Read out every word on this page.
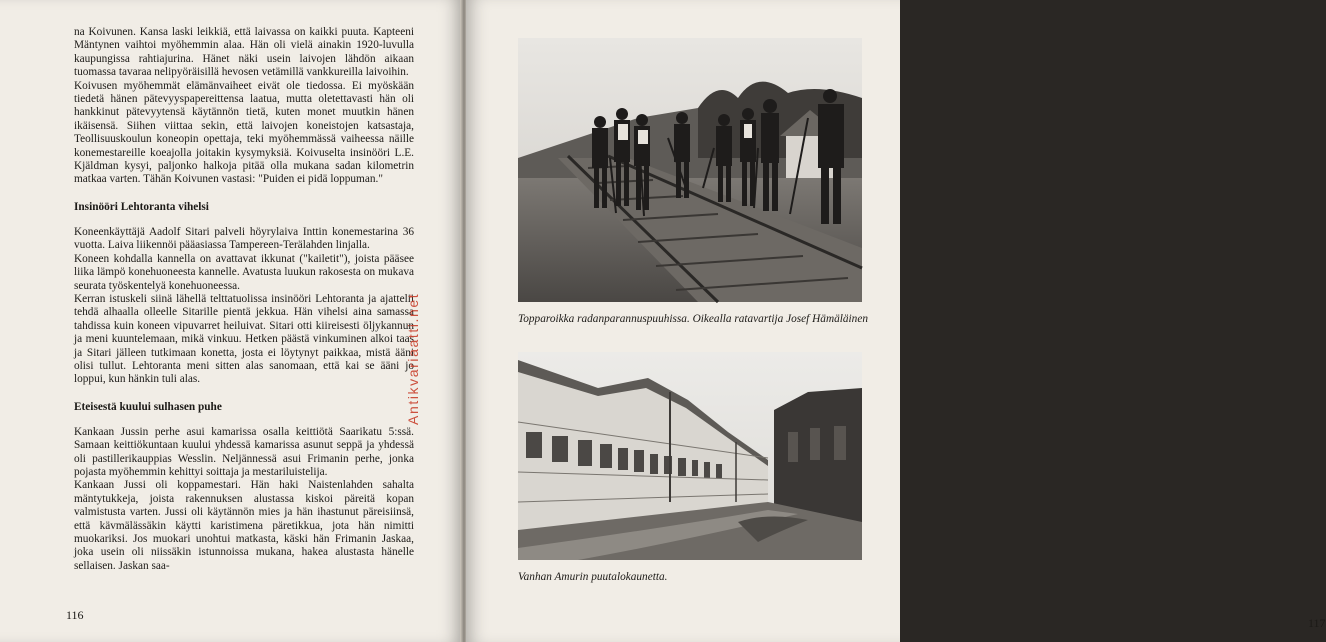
na Koivunen. Kansa laski leikkiä, että laivassa on kaikki puuta. Kapteeni Mäntynen vaihtoi myöhemmin alaa. Hän oli vielä ainakin 1920-luvulla kaupungissa rahtiajurina. Hänet näki usein laivojen lähdön aikaan tuomassa tavaraa nelipyöräisillä hevosen vetämillä vankkureilla laivoihin.

Koivusen myöhemmät elämänvaiheet eivät ole tiedossa. Ei myöskään tiedetä hänen pätevyyspapereittensa laatua, mutta oletettavasti hän oli hankkinut pätevyytensä käytännön tietä, kuten monet muutkin hänen ikäisensä. Siihen viittaa sekin, että laivojen koneistojen katsastaja, Teollisuuskoulun koneopin opettaja, teki myöhemmässä vaiheessa näille konemestareille koeajolla joitakin kysymyksiä. Koivuselta insinööri L.E. Kjäldman kysyi, paljonko halkoja pitää olla mukana sadan kilometrin matkaa varten. Tähän Koivunen vastasi: "Puiden ei pidä loppuman."

Insinööri Lehtoranta vihelsi

Koneenkäyttäjä Aadolf Sitari palveli höyrylaiva Inttin konemestarina 36 vuotta. Laiva liikennöi pääasiassa Tampereen-Terälahden linjalla.

Koneen kohdalla kannella on avattavat ikkunat ("kailetit"), joista pääsee liika lämpö konehuoneesta kannelle. Avatusta luukun rakosesta on mukava seurata työskentelyä konehuoneessa.

Kerran istuskeli siinä lähellä telttatuolissa insinööri Lehtoranta ja ajattelii tehdä alhaalla olleelle Sitarille pientä jekkua. Hän vihelsi aina samassa tahdissa kuin koneen vipuvarret heiluivat. Sitari otti kiireisesti öljykannun ja meni kuuntelemaan, mikä vinkuu. Hetken päästä vinkuminen alkoi taas ja Sitari jälleen tutkimaan konetta, josta ei löytynyt paikkaa, mistä ääni olisi tullut. Lehtoranta meni sitten alas sanomaan, että kai se ääni jo loppui, kun hänkin tuli alas.

Eteisestä kuului sulhasen puhe

Kankaan Jussin perhe asui kamarissa osalla keittiötä Saarikatu 5:ssä. Samaan keittiökuntaan kuului yhdessä kamarissa asunut seppä ja yhdessä oli pastillerikauppias Wesslin. Neljännessä asui Frimanin perhe, jonka pojasta myöhemmin kehittyi soittaja ja mestariluistelija.

Kankaan Jussi oli koppamestari. Hän haki Naistenlahden sahalta mäntytukkeja, joista rakennuksen alustassa kiskoi päreitä kopan valmistusta varten. Jussi oli käytännön mies ja hän ihastunut päreisiinsä, että kävmälässäkin käytti karistimena päretikkua, jota hän nimitti muokariksi. Jos muokari unohtui matkasta, käski hän Frimanin Jaskaa, joka usein oli niissäkin istunnoissa mukana, hakea alustasta hänelle sellaisen. Jaskan saa-

Antikvariaatti.net
116
Topparoikka radanparannuspuuhissa. Oikealla ratavartija Josef Hämäläinen
Vanhan Amurin puutalokaunetta.
117
